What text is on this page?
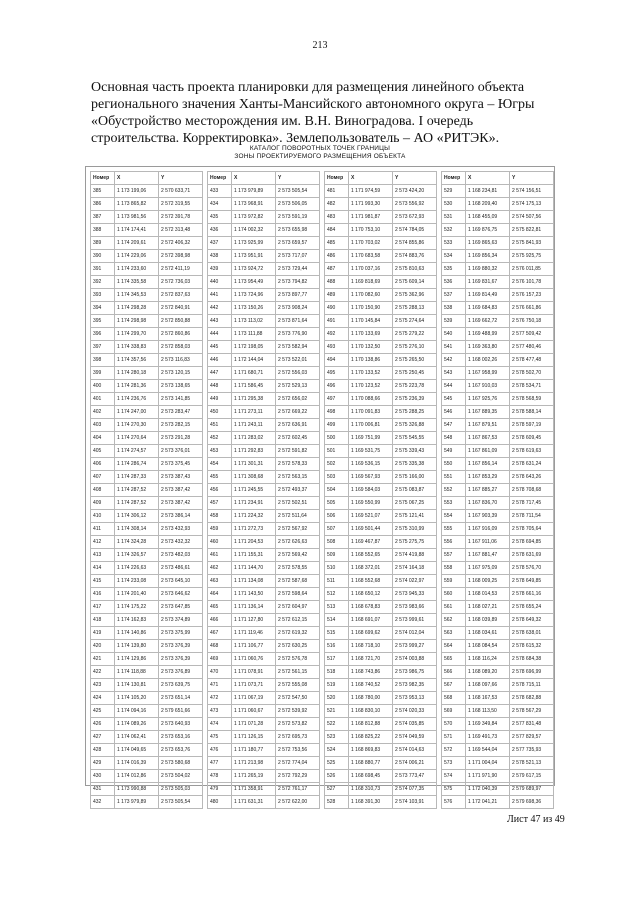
213
Основная часть проекта планировки для размещения линейного объекта регионального значения Ханты-Мансийского автономного округа – Югры «Обустройство месторождения им. В.Н. Виноградова. I очередь строительства. Корректировка». Землепользователь – АО «РИТЭК».
КАТАЛОГ ПОВОРОТНЫХ ТОЧЕК ГРАНИЦЫ
ЗОНЫ ПРОЕКТИРУЕМОГО РАЗМЕЩЕНИЯ ОБЪЕКТА
Номер	X	Y
385	1 173 199,06	2 570 633,71
386	1 173 865,82	2 572 319,55
387	1 173 981,56	2 572 391,78
388	1 174 174,41	2 572 313,48
389	1 174 209,61	2 572 406,32
390	1 174 229,06	2 572 398,98
391	1 174 233,60	2 572 411,19
392	1 174 335,58	2 572 736,03
393	1 174 345,53	2 572 837,63
394	1 174 298,28	2 572 840,91
395	1 174 298,98	2 572 850,88
396	1 174 299,70	2 572 860,86
397	1 174 338,83	2 572 858,03
398	1 174 357,56	2 573 116,83
399	1 174 280,18	2 573 120,15
400	1 174 281,36	2 573 138,65
401	1 174 236,76	2 573 141,85
402	1 174 247,00	2 573 283,47
403	1 174 270,30	2 573 282,15
404	1 174 270,64	2 573 291,28
405	1 174 274,57	2 573 376,01
406	1 174 286,74	2 573 375,45
407	1 174 287,33	2 573 387,43
408	1 174 287,52	2 573 387,42
409	1 174 287,52	2 573 387,42
410	1 174 306,12	2 573 386,14
411	1 174 308,14	2 573 432,93
412	1 174 324,28	2 573 432,32
413	1 174 326,57	2 573 482,03
414	1 174 226,63	2 573 486,61
415	1 174 233,08	2 573 645,10
416	1 174 201,40	2 573 646,62
417	1 174 175,22	2 573 647,85
418	1 174 162,83	2 573 374,89
419	1 174 140,86	2 573 375,99
420	1 174 139,80	2 573 376,39
421	1 174 129,86	2 573 376,39
422	1 174 118,88	2 573 376,89
423	1 174 130,81	2 573 639,75
424	1 174 105,20	2 573 651,14
425	1 174 094,16	2 579 651,66
426	1 174 089,26	2 573 640,93
427	1 174 062,41	2 573 653,16
428	1 174 049,65	2 573 653,76
429	1 174 016,39	2 573 580,68
430	1 174 012,86	2 573 504,02
431	1 173 990,88	2 573 505,03
432	1 173 979,89	2 573 505,54
Номер	X	Y
433	1 173 979,89	2 573 505,54
434	1 173 968,91	2 573 506,05
435	1 173 972,82	2 573 591,19
436	1 174 002,32	2 573 655,98
437	1 173 925,99	2 573 659,57
438	1 173 951,91	2 573 717,07
439	1 173 924,72	2 573 729,44
440	1 173 954,49	2 573 794,82
441	1 173 724,96	2 573 897,77
442	1 173 150,26	2 573 908,24
443	1 173 113,02	2 573 871,64
444	1 173 111,88	2 573 776,90
445	1 172 198,05	2 573 582,94
446	1 172 144,04	2 573 522,01
447	1 171 680,71	2 572 556,03
448	1 171 586,45	2 572 529,13
449	1 171 295,38	2 572 656,02
450	1 171 273,11	2 572 669,22
451	1 171 243,11	2 572 636,91
452	1 171 283,02	2 572 602,45
453	1 171 292,83	2 572 591,82
454	1 171 301,31	2 572 578,33
455	1 171 308,68	2 572 563,15
456	1 171 245,55	2 572 493,37
457	1 171 234,91	2 572 502,51
458	1 171 224,32	2 572 511,64
459	1 171 272,73	2 572 567,92
460	1 171 204,53	2 572 626,63
461	1 171 155,31	2 572 569,42
462	1 171 144,70	2 572 578,55
463	1 171 134,08	2 572 587,68
464	1 171 143,50	2 572 598,64
465	1 171 136,14	2 572 604,97
466	1 171 127,80	2 572 612,15
467	1 171 119,46	2 572 619,32
468	1 171 106,77	2 572 630,25
469	1 171 060,76	2 572 576,78
470	1 171 078,91	2 572 561,15
471	1 171 073,71	2 572 555,08
472	1 171 067,19	2 572 547,50
473	1 171 060,67	2 572 539,92
474	1 171 071,28	2 572 573,82
475	1 171 126,15	2 572 695,73
476	1 171 180,77	2 572 753,56
477	1 171 213,98	2 572 774,04
478	1 171 265,19	2 572 792,29
479	1 171 358,91	2 572 761,17
480	1 171 631,31	2 572 622,00
Номер	X	Y
481	1 171 974,59	2 573 424,20
482	1 171 993,30	2 573 556,92
483	1 171 981,87	2 573 672,93
484	1 170 753,10	2 574 784,05
485	1 170 703,02	2 574 855,86
486	1 170 683,58	2 574 883,76
487	1 170 037,16	2 575 810,63
488	1 169 818,69	2 575 609,14
489	1 170 082,60	2 575 362,96
490	1 170 150,90	2 575 288,13
491	1 170 145,84	2 575 274,64
492	1 170 133,69	2 575 279,22
493	1 170 132,50	2 575 276,10
494	1 170 138,86	2 575 265,50
495	1 170 133,52	2 575 250,45
496	1 170 123,52	2 575 223,78
497	1 170 088,66	2 575 236,39
498	1 170 091,83	2 575 288,25
499	1 170 006,81	2 575 326,88
500	1 169 751,99	2 575 545,55
501	1 169 531,75	2 575 339,43
502	1 169 536,15	2 575 335,38
503	1 169 567,93	2 575 166,00
504	1 169 584,03	2 575 083,87
505	1 169 550,99	2 575 067,25
506	1 169 521,07	2 575 121,41
507	1 169 501,44	2 575 310,99
508	1 169 467,87	2 575 275,75
509	1 168 552,65	2 574 419,88
510	1 168 372,01	2 574 164,18
511	1 168 552,68	2 574 022,97
512	1 168 650,12	2 573 945,33
513	1 168 678,83	2 573 983,66
514	1 168 691,07	2 573 999,61
515	1 168 699,62	2 574 012,04
516	1 168 718,10	2 573 999,27
517	1 168 721,70	2 574 003,88
518	1 168 743,86	2 573 986,75
519	1 168 740,52	2 573 982,35
520	1 168 780,00	2 573 953,13
521	1 168 830,10	2 574 020,33
522	1 168 812,88	2 574 035,85
523	1 168 825,22	2 574 049,59
524	1 168 869,83	2 574 014,63
525	1 168 880,77	2 574 006,21
526	1 168 698,45	2 573 773,47
527	1 168 310,73	2 574 077,35
528	1 168 391,30	2 574 103,91
Номер	X	Y
529	1 168 234,81	2 574 156,51
530	1 168 209,40	2 574 175,13
531	1 168 455,09	2 574 507,56
532	1 169 876,75	2 575 822,81
533	1 169 865,63	2 575 841,93
534	1 169 856,34	2 575 925,75
535	1 169 880,32	2 576 011,85
536	1 169 831,67	2 576 101,78
537	1 169 814,49	2 576 157,23
538	1 169 684,83	2 576 661,86
539	1 169 662,72	2 576 750,18
540	1 169 488,99	2 577 509,42
541	1 169 363,80	2 577 480,46
542	1 168 002,26	2 578 477,48
543	1 167 958,99	2 578 502,70
544	1 167 910,03	2 578 534,71
545	1 167 925,76	2 578 568,59
546	1 167 889,35	2 578 588,14
547	1 167 879,51	2 578 597,19
548	1 167 867,53	2 578 609,45
549	1 167 861,09	2 578 619,63
550	1 167 856,14	2 578 631,24
551	1 167 853,29	2 578 643,26
552	1 167 885,27	2 578 708,68
553	1 167 836,70	2 578 717,45
554	1 167 903,39	2 578 711,54
555	1 167 916,09	2 578 705,64
556	1 167 911,06	2 578 694,85
557	1 167 881,47	2 578 631,69
558	1 167 975,09	2 578 576,70
559	1 168 009,25	2 578 649,85
560	1 168 014,53	2 578 661,16
561	1 168 027,21	2 578 655,24
562	1 168 039,89	2 578 649,32
563	1 168 034,61	2 578 638,01
564	1 168 084,54	2 578 615,32
565	1 168 116,24	2 578 684,38
566	1 168 089,20	2 578 696,99
567	1 168 097,66	2 578 715,11
568	1 168 167,53	2 578 682,88
569	1 168 113,50	2 578 567,29
570	1 169 349,84	2 577 831,48
571	1 169 491,73	2 577 829,57
572	1 169 544,04	2 577 735,93
573	1 171 004,04	2 578 521,13
574	1 171 971,90	2 579 617,15
575	1 172 040,39	2 579 689,97
576	1 172 041,21	2 579 698,36
Лист 47 из 49
